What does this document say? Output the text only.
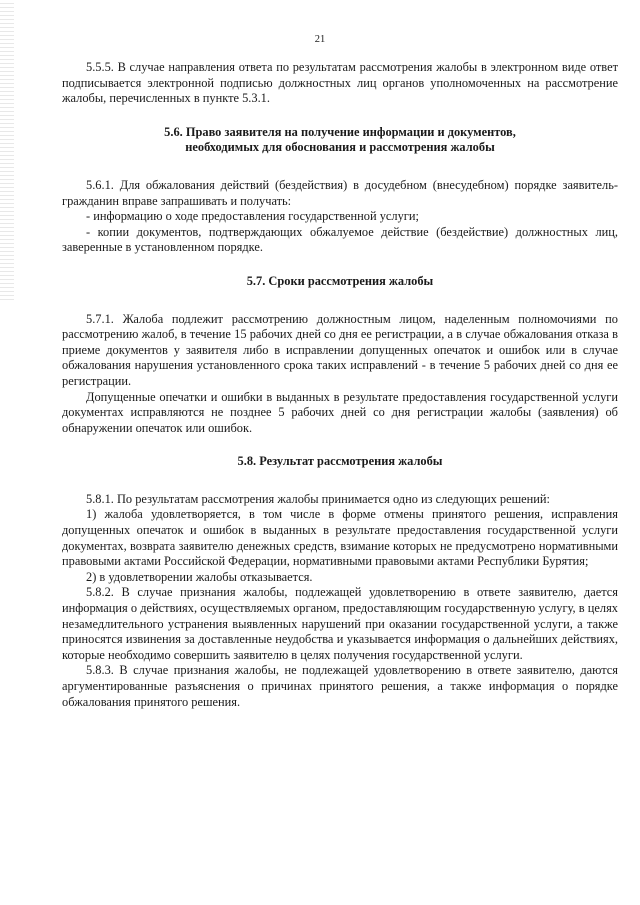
21

5.5.5. В случае направления ответа по результатам рассмотрения жалобы в электронном виде ответ подписывается электронной подписью должностных лиц органов уполномоченных на рассмотрение жалобы, перечисленных в пункте 5.3.1.

5.6. Право заявителя на получение информации и документов,
необходимых для обоснования и рассмотрения жалобы

5.6.1. Для обжалования действий (бездействия) в досудебном (внесудебном) порядке заявитель-гражданин вправе запрашивать и получать:

- информацию о ходе предоставления государственной услуги;

- копии документов, подтверждающих обжалуемое действие (бездействие) должностных лиц, заверенные в установленном порядке.

5.7. Сроки рассмотрения жалобы

5.7.1. Жалоба подлежит рассмотрению должностным лицом, наделенным полномочиями по рассмотрению жалоб, в течение 15 рабочих дней со дня ее регистрации, а в случае обжалования отказа в приеме документов у заявителя либо в исправлении допущенных опечаток и ошибок или в случае обжалования нарушения установленного срока таких исправлений - в течение 5 рабочих дней со дня ее регистрации.

Допущенные опечатки и ошибки в выданных в результате предоставления государственной услуги документах исправляются не позднее 5 рабочих дней со дня регистрации жалобы (заявления) об обнаружении опечаток или ошибок.

5.8. Результат рассмотрения жалобы

5.8.1. По результатам рассмотрения жалобы принимается одно из следующих решений:

1) жалоба удовлетворяется, в том числе в форме отмены принятого решения, исправления допущенных опечаток и ошибок в выданных в результате предоставления государственной услуги документах, возврата заявителю денежных средств, взимание которых не предусмотрено нормативными правовыми актами Российской Федерации, нормативными правовыми актами Республики Бурятия;

2) в удовлетворении жалобы отказывается.

5.8.2. В случае признания жалобы, подлежащей удовлетворению в ответе заявителю, дается информация о действиях, осуществляемых органом, предоставляющим государственную услугу, в целях незамедлительного устранения выявленных нарушений при оказании государственной услуги, а также приносятся извинения за доставленные неудобства и указывается информация о дальнейших действиях, которые необходимо совершить заявителю в целях получения государственной услуги.

5.8.3. В случае признания жалобы, не подлежащей удовлетворению в ответе заявителю, даются аргументированные разъяснения о причинах принятого решения, а также информация о порядке обжалования принятого решения.
